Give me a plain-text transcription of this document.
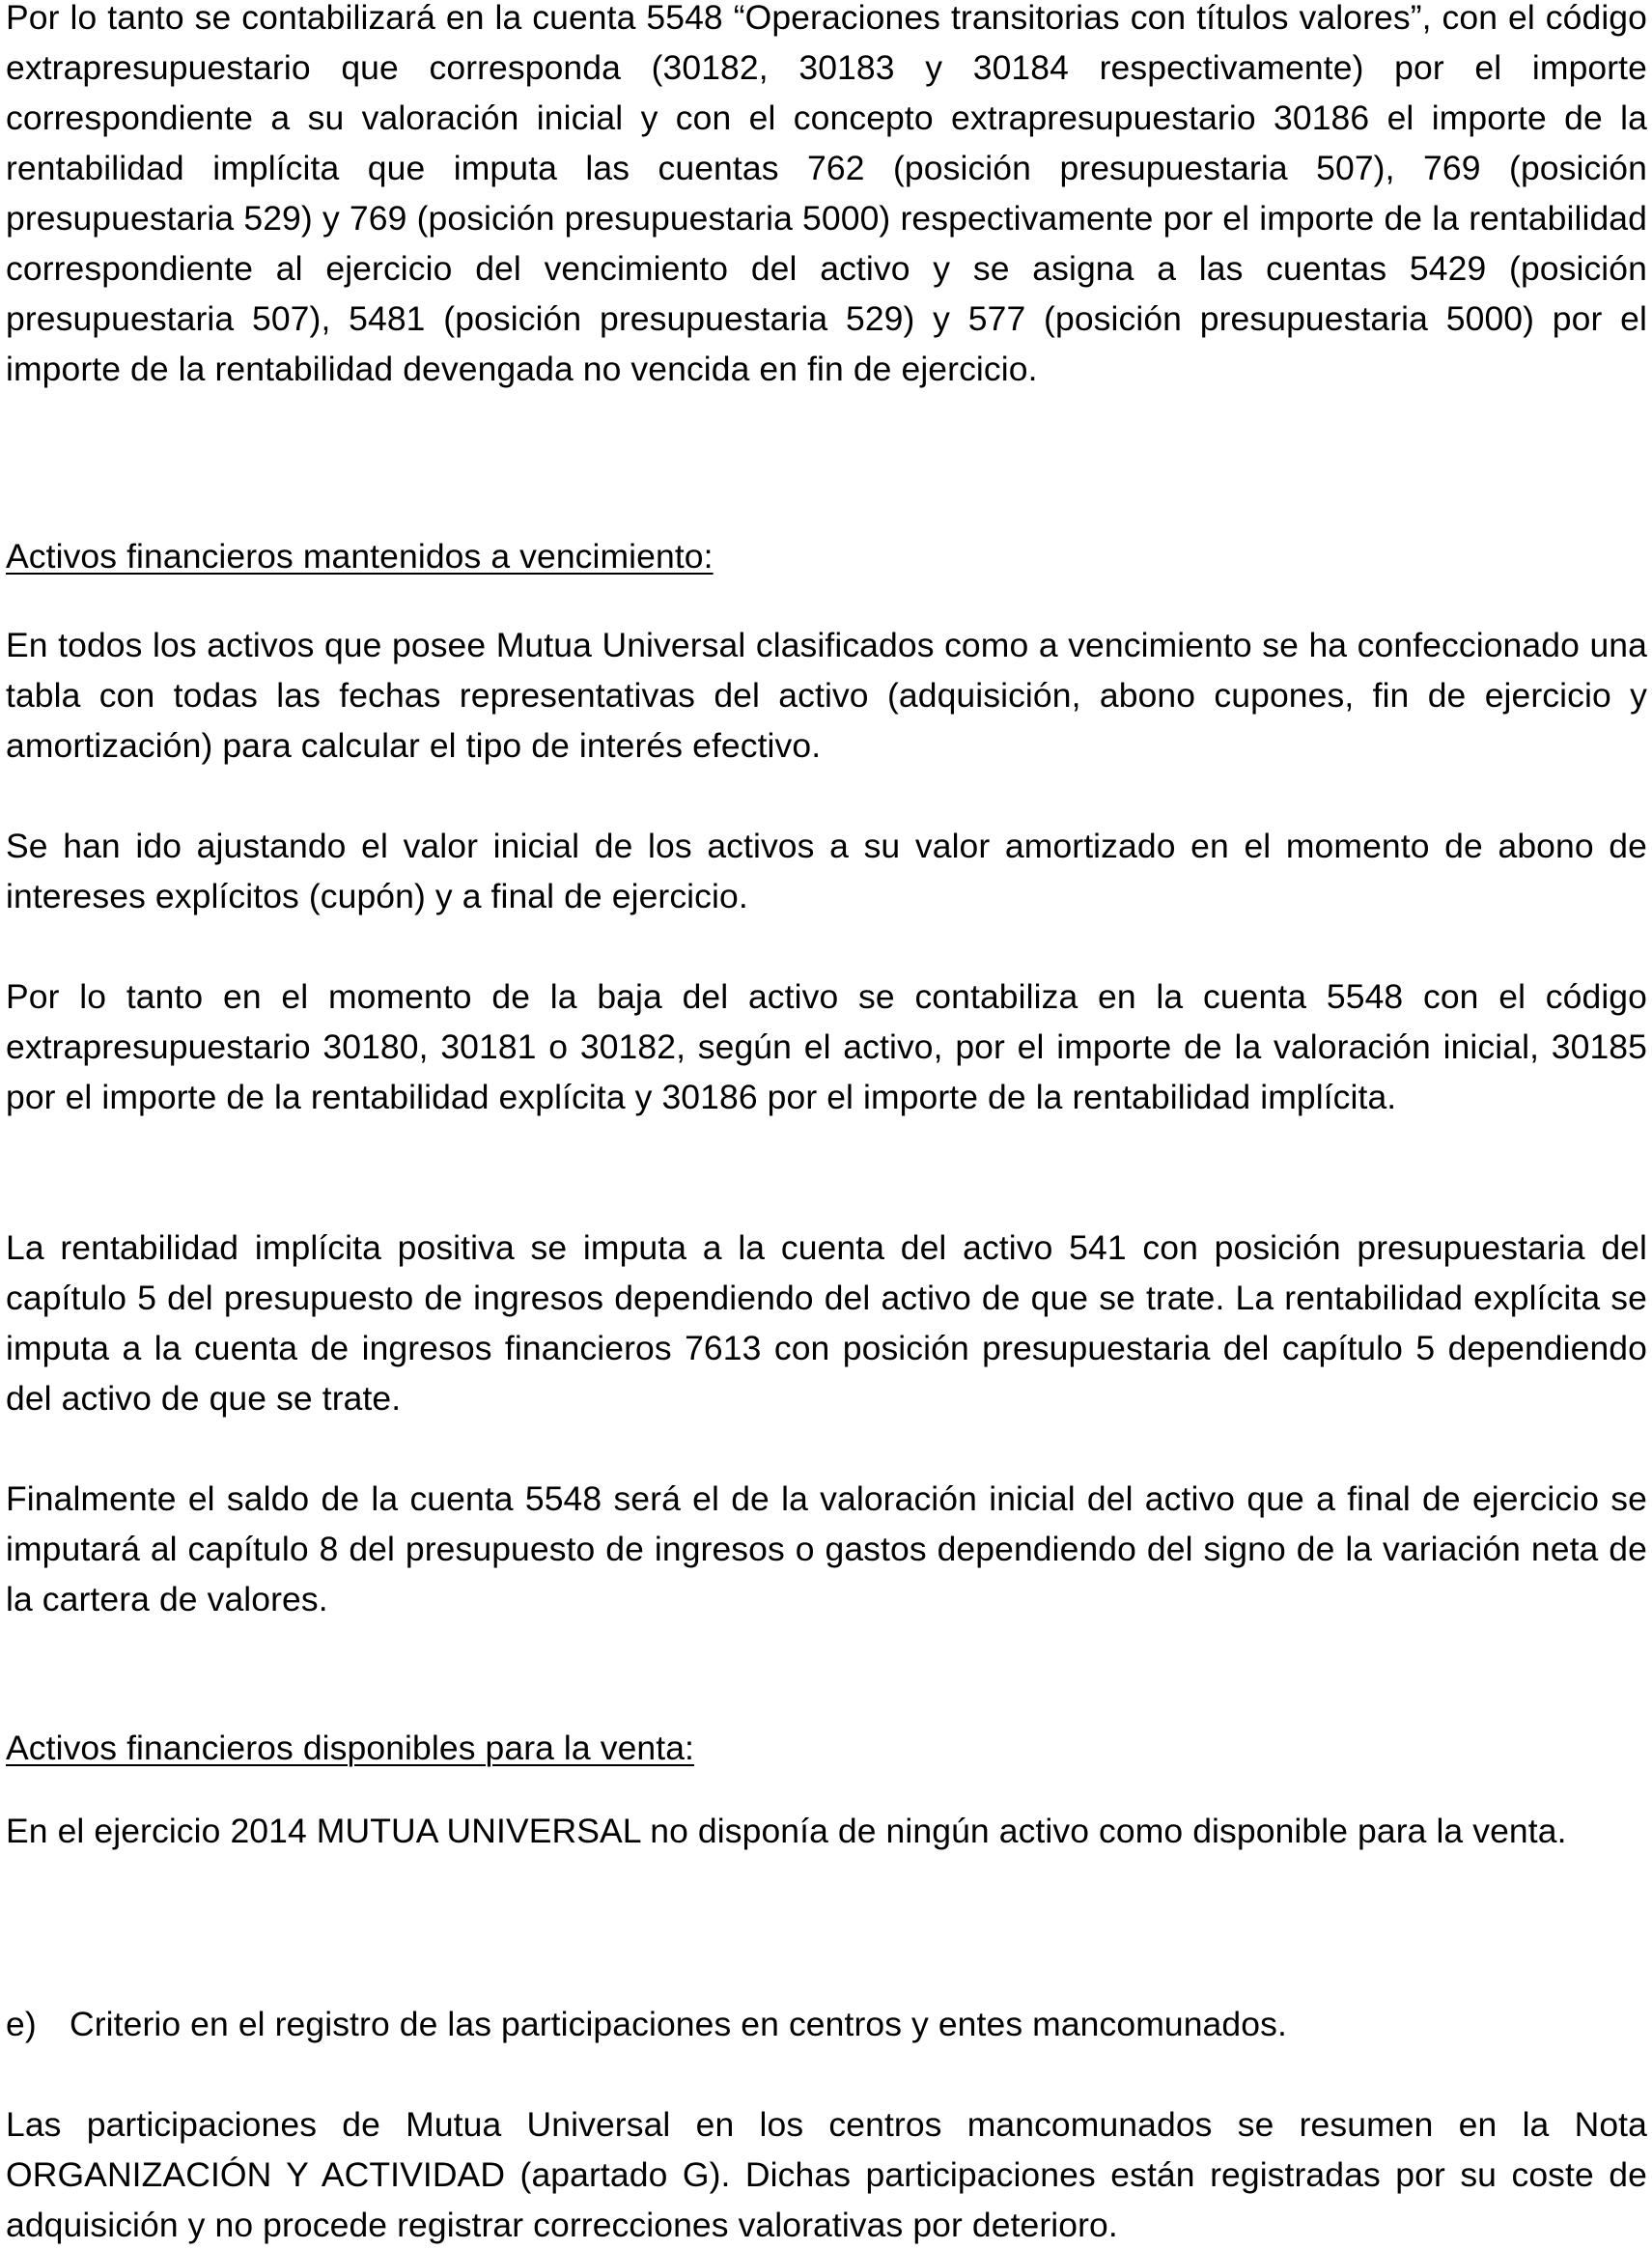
Por lo tanto se contabilizará en la cuenta 5548 “Operaciones transitorias con títulos valores”, con el código extrapresupuestario que corresponda (30182, 30183 y 30184 respectivamente) por el importe correspondiente a su valoración inicial y con el concepto extrapresupuestario 30186 el importe de la rentabilidad implícita que imputa las cuentas 762 (posición presupuestaria 507), 769 (posición presupuestaria 529) y 769 (posición presupuestaria 5000) respectivamente por el importe de la rentabilidad correspondiente al ejercicio del vencimiento del activo y se asigna a las cuentas 5429 (posición presupuestaria 507), 5481 (posición presupuestaria 529) y 577 (posición presupuestaria 5000) por el importe de la rentabilidad devengada no vencida en fin de ejercicio.

Activos financieros mantenidos a vencimiento:

En todos los activos que posee Mutua Universal clasificados como a vencimiento se ha confeccionado una tabla con todas las fechas representativas del activo (adquisición, abono cupones, fin de ejercicio y amortización) para calcular el tipo de interés efectivo.

Se han ido ajustando el valor inicial de los activos a su valor amortizado en el momento de abono de intereses explícitos (cupón) y a final de ejercicio.

Por lo tanto en el momento de la baja del activo se contabiliza en la cuenta 5548 con el código extrapresupuestario 30180, 30181 o 30182, según el activo, por el importe de la valoración inicial, 30185 por el importe de la rentabilidad explícita y 30186 por el importe de la rentabilidad implícita.

La rentabilidad implícita positiva se imputa a la cuenta del activo 541 con posición presupuestaria del capítulo 5 del presupuesto de ingresos dependiendo del activo de que se trate. La rentabilidad explícita se imputa a la cuenta de ingresos financieros 7613 con posición presupuestaria del capítulo 5 dependiendo del activo de que se trate.

Finalmente el saldo de la cuenta 5548 será el de la valoración inicial del activo que a final de ejercicio se imputará al capítulo 8 del presupuesto de ingresos o gastos dependiendo del signo de la variación neta de la cartera de valores.

Activos financieros disponibles para la venta:

En el ejercicio 2014 MUTUA UNIVERSAL no disponía de ningún activo como disponible para la venta.

e) Criterio en el registro de las participaciones en centros y entes mancomunados.

Las participaciones de Mutua Universal en los centros mancomunados se resumen en la Nota ORGANIZACIÓN Y ACTIVIDAD (apartado G). Dichas participaciones están registradas por su coste de adquisición y no procede registrar correcciones valorativas por deterioro.
